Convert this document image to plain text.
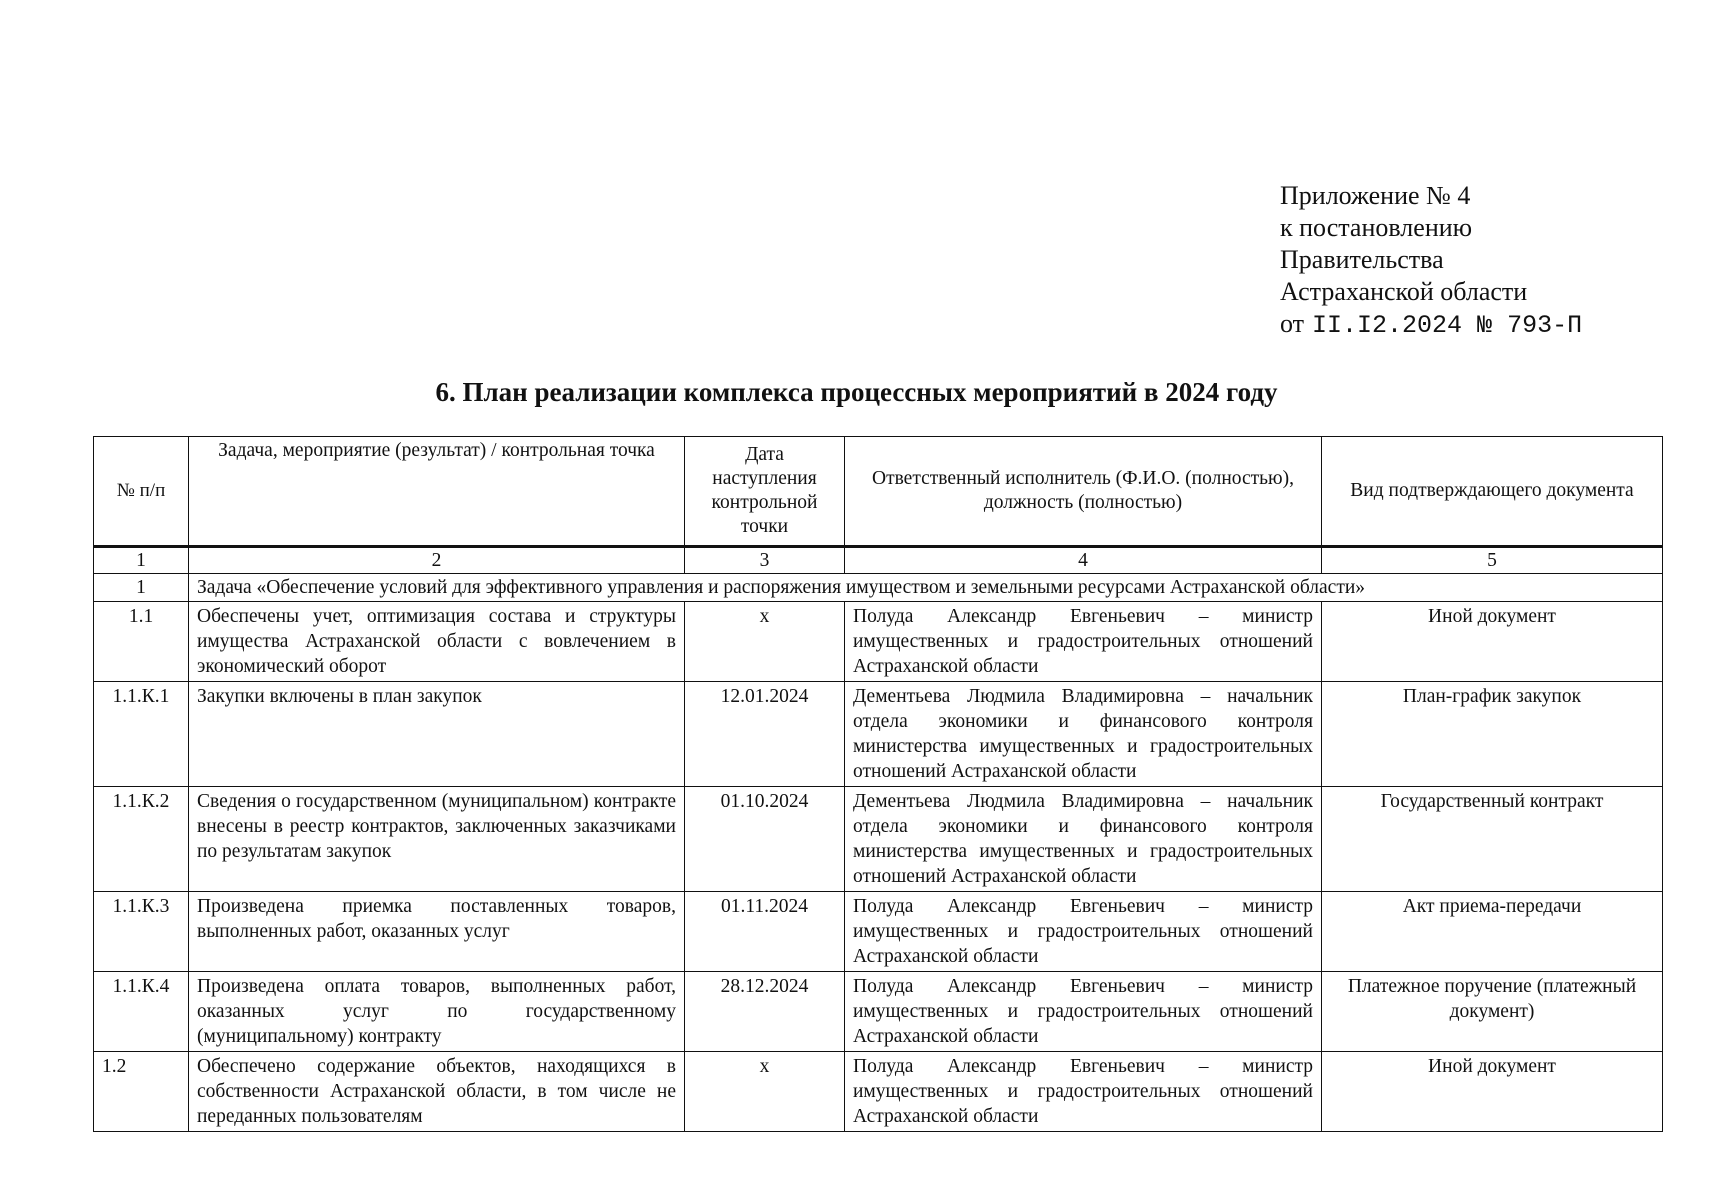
Приложение № 4
к постановлению
Правительства
Астраханской области
от II.I2.2024 № 793-П
6. План реализации комплекса процессных мероприятий в 2024 году
№ п/п	Задача, мероприятие (результат) / контрольная точка	Дата наступления контрольной точки	Ответственный исполнитель (Ф.И.О. (полностью), должность (полностью)	Вид подтверждающего документа
1	2	3	4	5
1	Задача «Обеспечение условий для эффективного управления и распоряжения имуществом и земельными ресурсами Астраханской области»			
1.1	Обеспечены учет, оптимизация состава и структуры имущества Астраханской области с вовлечением в экономический оборот	x	Полуда Александр Евгеньевич – министр имущественных и градостроительных отношений Астраханской области	Иной документ
1.1.К.1	Закупки включены в план закупок	12.01.2024	Дементьева Людмила Владимировна – начальник отдела экономики и финансового контроля министерства имущественных и градостроительных отношений Астраханской области	План-график закупок
1.1.К.2	Сведения о государственном (муниципальном) контракте внесены в реестр контрактов, заключенных заказчиками по результатам закупок	01.10.2024	Дементьева Людмила Владимировна – начальник отдела экономики и финансового контроля министерства имущественных и градостроительных отношений Астраханской области	Государственный контракт
1.1.К.3	Произведена приемка поставленных товаров, выполненных работ, оказанных услуг	01.11.2024	Полуда Александр Евгеньевич – министр имущественных и градостроительных отношений Астраханской области	Акт приема-передачи
1.1.К.4	Произведена оплата товаров, выполненных работ, оказанных услуг по государственному (муниципальному) контракту	28.12.2024	Полуда Александр Евгеньевич – министр имущественных и градостроительных отношений Астраханской области	Платежное поручение (платежный документ)
1.2	Обеспечено содержание объектов, находящихся в собственности Астраханской области, в том числе не переданных пользователям	x	Полуда Александр Евгеньевич – министр имущественных и градостроительных отношений Астраханской области	Иной документ
